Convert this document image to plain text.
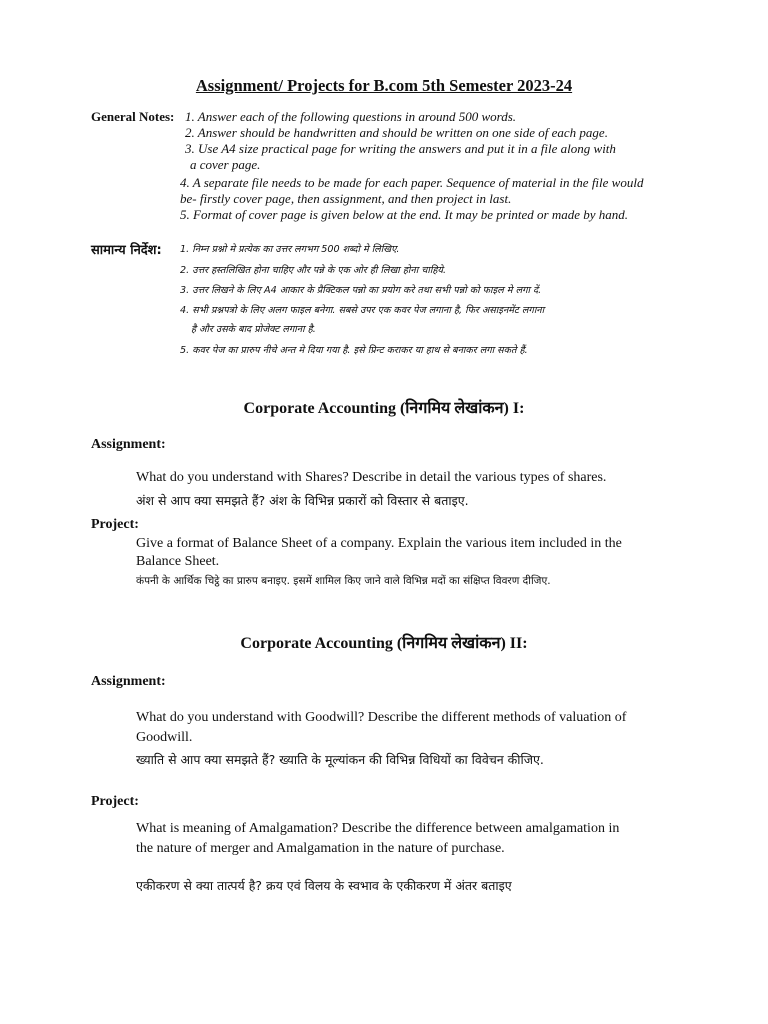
Assignment/ Projects for B.com 5th Semester 2023-24
General Notes: 1. Answer each of the following questions in around 500 words.
2. Answer should be handwritten and should be written on one side of each page.
3. Use A4 size practical page for writing the answers and put it in a file along with
a cover page.
4. A separate file needs to be made for each paper. Sequence of material in the file would
be- firstly cover page, then assignment, and then project in last.
5. Format of cover page is given below at the end. It may be printed or made by hand.
सामान्य निर्देश: 1. निम्न प्रश्नो मे प्रत्येक का उत्तर लगभग 500 शब्दो मे लिखिए.
2. उत्तर हस्तलिखित होना चाहिए और पन्ने के एक ओर ही लिखा होना चाहिये.
3. उत्तर लिखने के लिए A4 आकार के प्रैक्टिकल पन्नो का प्रयोग करे तथा सभी पन्नो को फाइल मे लगा दें.
4. सभी प्रश्नपत्रो के लिए अलग फाइल बनेगा. सबसे उपर एक कवर पेज लगाना है, फिर असाइनमेंट लगाना
है और उसके बाद प्रोजेक्ट लगाना है.
5. कवर पेज का प्रारुप नीचे अन्त मे दिया गया है. इसे प्रिन्ट कराकर या हाथ से बनाकर लगा सकते हैं.
Corporate Accounting (निगमिय लेखांकन) I:
Assignment:
What do you understand with Shares? Describe in detail the various types of shares.
अंश से आप क्या समझते हैं? अंश के विभिन्न प्रकारों को विस्तार से बताइए.
Project:
Give a format of Balance Sheet of a company. Explain the various item included in the
Balance Sheet.
कंपनी के आर्थिक चिट्ठे का प्रारुप बनाइए. इसमें शामिल किए जाने वाले विभिन्न मदों का संक्षिप्त विवरण दीजिए.
Corporate Accounting (निगमिय लेखांकन) II:
Assignment:
What do you understand with Goodwill? Describe the different methods of valuation of
Goodwill.
ख्याति से आप क्या समझते हैं? ख्याति के मूल्यांकन की विभिन्न विधियों का विवेचन कीजिए.
Project:
What is meaning of Amalgamation? Describe the difference between amalgamation in
the nature of merger and Amalgamation in the nature of purchase.
एकीकरण से क्या तात्पर्य है? क्रय एवं विलय के स्वभाव के एकीकरण में अंतर बताइए
